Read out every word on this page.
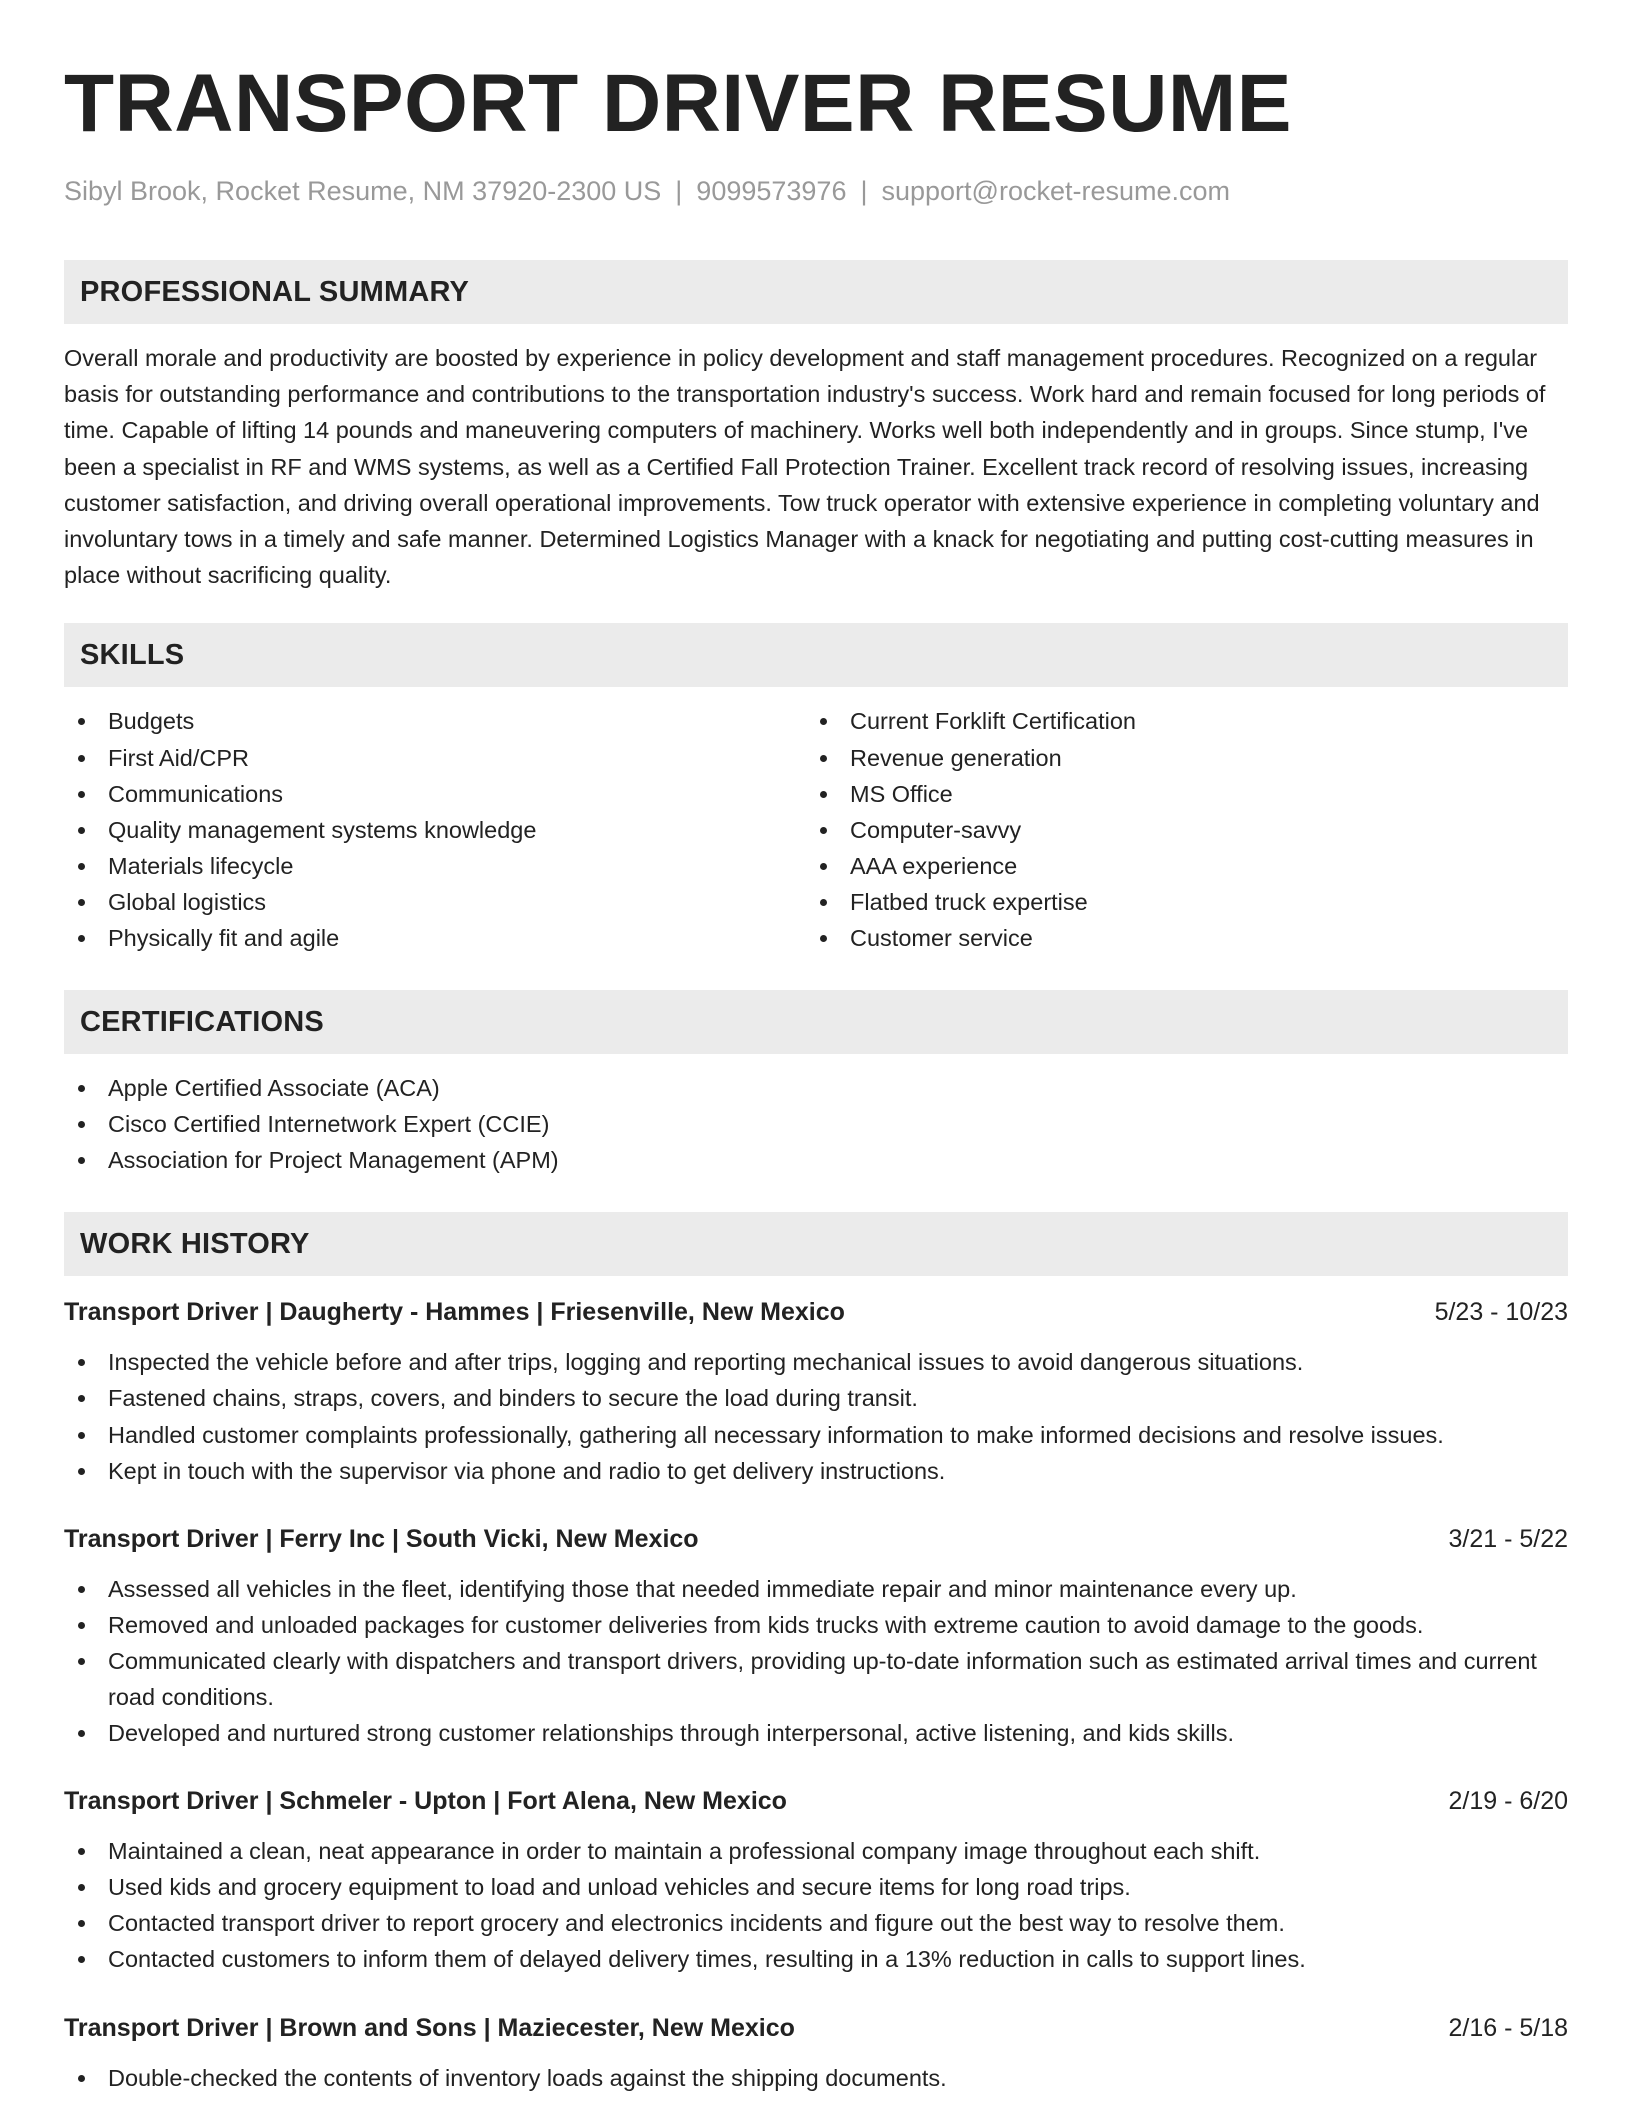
TRANSPORT DRIVER RESUME
Sibyl Brook, Rocket Resume, NM 37920-2300 US | 9099573976 | support@rocket-resume.com
PROFESSIONAL SUMMARY

Overall morale and productivity are boosted by experience in policy development and staff management procedures. Recognized on a regular basis for outstanding performance and contributions to the transportation industry's success. Work hard and remain focused for long periods of time. Capable of lifting 14 pounds and maneuvering computers of machinery. Works well both independently and in groups. Since stump, I've been a specialist in RF and WMS systems, as well as a Certified Fall Protection Trainer. Excellent track record of resolving issues, increasing customer satisfaction, and driving overall operational improvements. Tow truck operator with extensive experience in completing voluntary and involuntary tows in a timely and safe manner. Determined Logistics Manager with a knack for negotiating and putting cost-cutting measures in place without sacrificing quality.

SKILLS
Budgets
First Aid/CPR
Communications
Quality management systems knowledge
Materials lifecycle
Global logistics
Physically fit and agile
Current Forklift Certification
Revenue generation
MS Office
Computer-savvy
AAA experience
Flatbed truck expertise
Customer service
CERTIFICATIONS
Apple Certified Associate (ACA)
Cisco Certified Internetwork Expert (CCIE)
Association for Project Management (APM)
WORK HISTORY
Transport Driver | Daugherty - Hammes | Friesenville, New Mexico	5/23 - 10/23
Inspected the vehicle before and after trips, logging and reporting mechanical issues to avoid dangerous situations.
Fastened chains, straps, covers, and binders to secure the load during transit.
Handled customer complaints professionally, gathering all necessary information to make informed decisions and resolve issues.
Kept in touch with the supervisor via phone and radio to get delivery instructions.
Transport Driver | Ferry Inc | South Vicki, New Mexico	3/21 - 5/22
Assessed all vehicles in the fleet, identifying those that needed immediate repair and minor maintenance every up.
Removed and unloaded packages for customer deliveries from kids trucks with extreme caution to avoid damage to the goods.
Communicated clearly with dispatchers and transport drivers, providing up-to-date information such as estimated arrival times and current road conditions.
Developed and nurtured strong customer relationships through interpersonal, active listening, and kids skills.
Transport Driver | Schmeler - Upton | Fort Alena, New Mexico	2/19 - 6/20
Maintained a clean, neat appearance in order to maintain a professional company image throughout each shift.
Used kids and grocery equipment to load and unload vehicles and secure items for long road trips.
Contacted transport driver to report grocery and electronics incidents and figure out the best way to resolve them.
Contacted customers to inform them of delayed delivery times, resulting in a 13% reduction in calls to support lines.
Transport Driver | Brown and Sons | Maziecester, New Mexico	2/16 - 5/18
Double-checked the contents of inventory loads against the shipping documents.
